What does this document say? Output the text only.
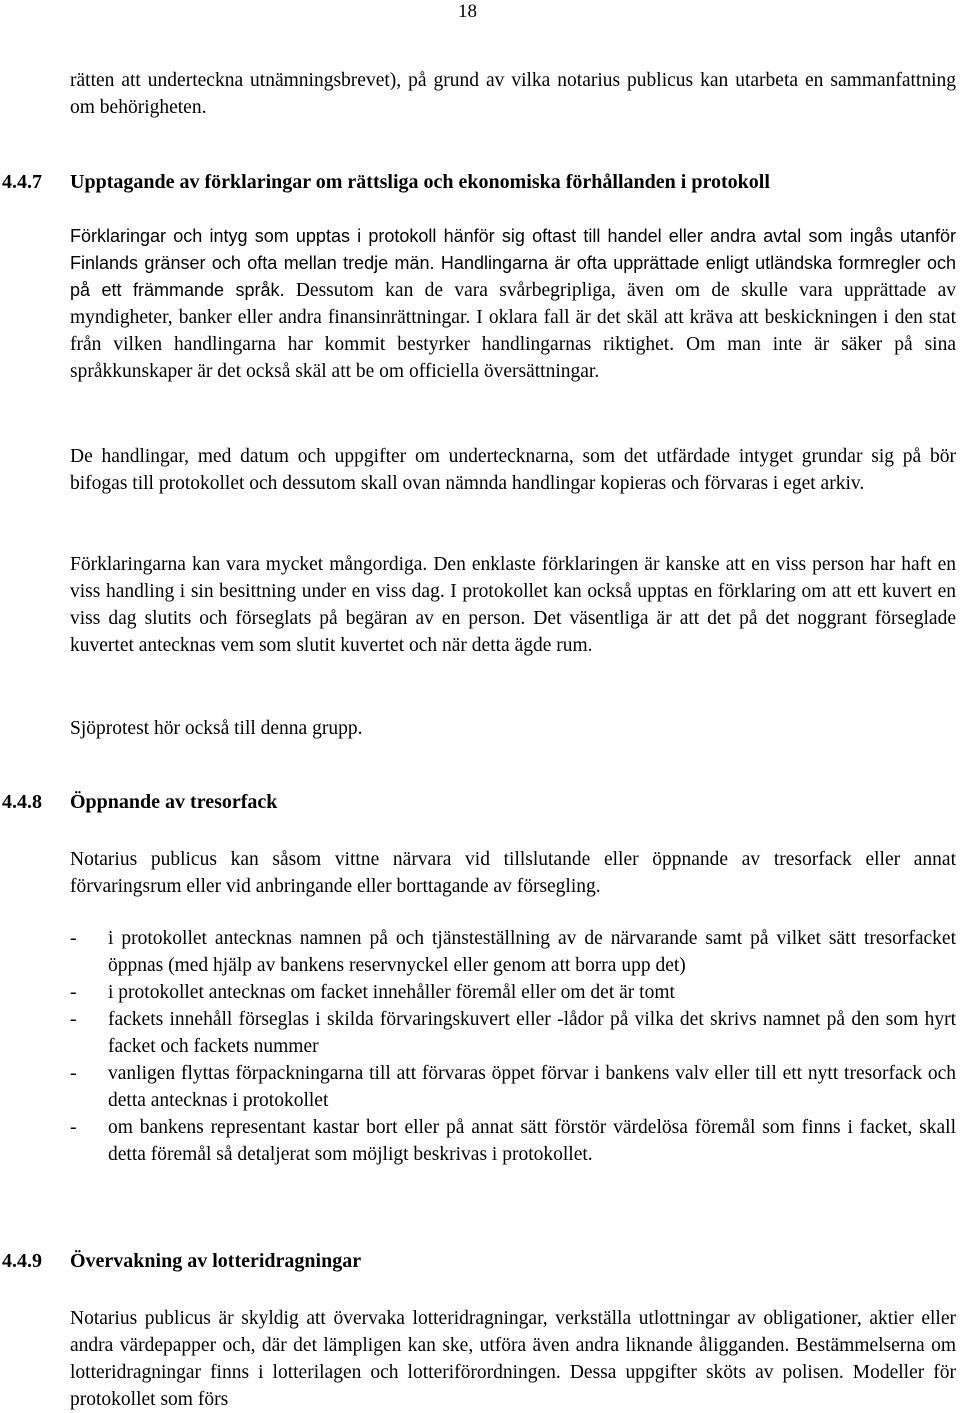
18
rätten att underteckna utnämningsbrevet), på grund av vilka notarius publicus kan utarbeta en sammanfattning om behörigheten.
4.4.7 Upptagande av förklaringar om rättsliga och ekonomiska förhållanden i protokoll
Förklaringar och intyg som upptas i protokoll hänför sig oftast till handel eller andra avtal som ingås utanför Finlands gränser och ofta mellan tredje män. Handlingarna är ofta upprättade enligt utländska formregler och på ett främmande språk. Dessutom kan de vara svårbegripliga, även om de skulle vara upprättade av myndigheter, banker eller andra finansinrättningar. I oklara fall är det skäl att kräva att beskickningen i den stat från vilken handlingarna har kommit bestyrker handlingarnas riktighet. Om man inte är säker på sina språkkunskaper är det också skäl att be om officiella översättningar.
De handlingar, med datum och uppgifter om undertecknarna, som det utfärdade intyget grundar sig på bör bifogas till protokollet och dessutom skall ovan nämnda handlingar kopieras och förvaras i eget arkiv.
Förklaringarna kan vara mycket mångordiga. Den enklaste förklaringen är kanske att en viss person har haft en viss handling i sin besittning under en viss dag. I protokollet kan också upptas en förklaring om att ett kuvert en viss dag slutits och förseglats på begäran av en person. Det väsentliga är att det på det noggrant förseglade kuvertet antecknas vem som slutit kuvertet och när detta ägde rum.
Sjöprotest hör också till denna grupp.
4.4.8 Öppnande av tresorfack
Notarius publicus kan såsom vittne närvara vid tillslutande eller öppnande av tresorfack eller annat förvaringsrum eller vid anbringande eller borttagande av försegling.
- i protokollet antecknas namnen på och tjänsteställning av de närvarande samt på vilket sätt tresorfacket öppnas (med hjälp av bankens reservnyckel eller genom att borra upp det)
- i protokollet antecknas om facket innehåller föremål eller om det är tomt
- fackets innehåll förseglas i skilda förvaringskuvert eller -lådor på vilka det skrivs namnet på den som hyrt facket och fackets nummer
- vanligen flyttas förpackningarna till att förvaras öppet förvar i bankens valv eller till ett nytt tresorfack och detta antecknas i protokollet
- om bankens representant kastar bort eller på annat sätt förstör värdelösa föremål som finns i facket, skall detta föremål så detaljerat som möjligt beskrivas i protokollet.
4.4.9 Övervakning av lotteridragningar
Notarius publicus är skyldig att övervaka lotteridragningar, verkställa utlottningar av obligationer, aktier eller andra värdepapper och, där det lämpligen kan ske, utföra även andra liknande åligganden. Bestämmelserna om lotteridragningar finns i lotterilagen och lotteriförordningen. Dessa uppgifter sköts av polisen. Modeller för protokollet som förs
